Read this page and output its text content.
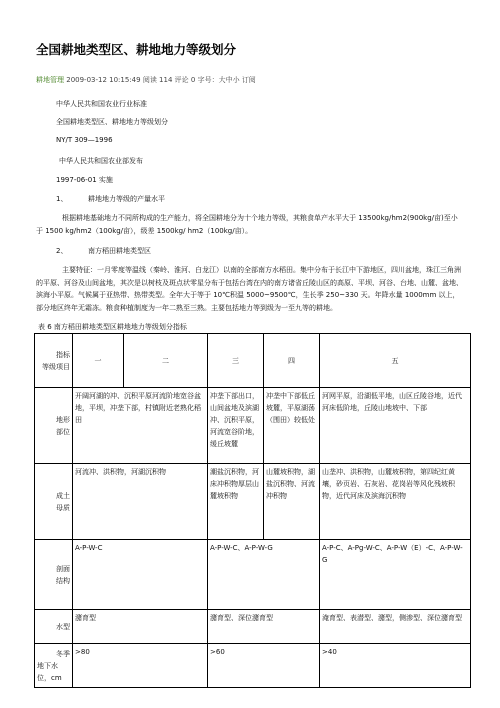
全国耕地类型区、耕地地力等级划分
耕地管理 2009-03-12 10:15:49 阅读 114 评论 0 字号：大中小 订阅
中华人民共和国农业行业标准
全国耕地类型区、耕地地力等级划分
NY/T 309—1996
中华人民共和国农业部发布
1997-06-01 实施
1、	耕地地力等级的产量水平
根据耕地基础地力不同所构成的生产能力，将全国耕地分为十个地力等级，其粮食单产水平大于 13500kg/hm2(900kg/亩)至小于 1500 kg/hm2（100kg/亩），级差 1500kg/ hm2（100kg/亩）。
2、	南方稻田耕地类型区
主要特征：一月零度等温线（秦岭、淮河、白龙江）以南的全部南方水稻田。集中分布于长江中下游地区，四川盆地，珠江三角洲的平原、河谷及山间盆地，其次是以树枝及斑点状零星分布于包括台湾在内的南方诸省丘陵山区的高原、平坝、河谷、台地、山麓、盆地、滨海小平原。气候属于亚热带、热带类型。全年大于等于 10℃积温 5000~9500℃，生长季 250~330 天。年降水量 1000mm 以上，部分地区终年无霜冻。粮食种植制度为一年二熟至三熟。主要包括地力等到级为一至九等的耕地。
表 6 南方稻田耕地类型区耕地地力等级划分指标
指标
等级项目	一	二	三	四	五

地形
部位	开阔河湖的冲、沉积平原河流阶地宽谷盆地，平坝，冲垄下部，村镇附近老熟化稻田		冲垄下部出口，山间盆地及滨湖冲、沉积平原，河流宽谷阶地，缓丘坡麓	冲垄中下部低丘坡麓，平原湖荡（围田）较低处	河网平原，沿湖低平地，山区丘陵谷地，近代河床低阶地，丘陵山地坡中、下部

成土
母质	河流冲、洪积物，河湖沉积物		潮盐沉积物，河床冲积物厚层山麓坡积物	山麓坡积物，湖盐沉积物、河流冲积物	山垄冲、洪积物，山麓坡积物，第四纪红黄壤，砂页岩、石灰岩、花岗岩等风化残坡积物，近代河床及滨海沉积物

剖面
结构	A-P-W-C		A-P-W-C、A-P-W-G		A-P-C、A-Pg-W-C、A-P-W（E）-C、A-P-W-G
水型	潴育型		潴育型、深位潴育型		淹育型、表潜型、潴型，侧渗型、深位潴育型

冬季
地下水位，cm	>80		>60		>40
